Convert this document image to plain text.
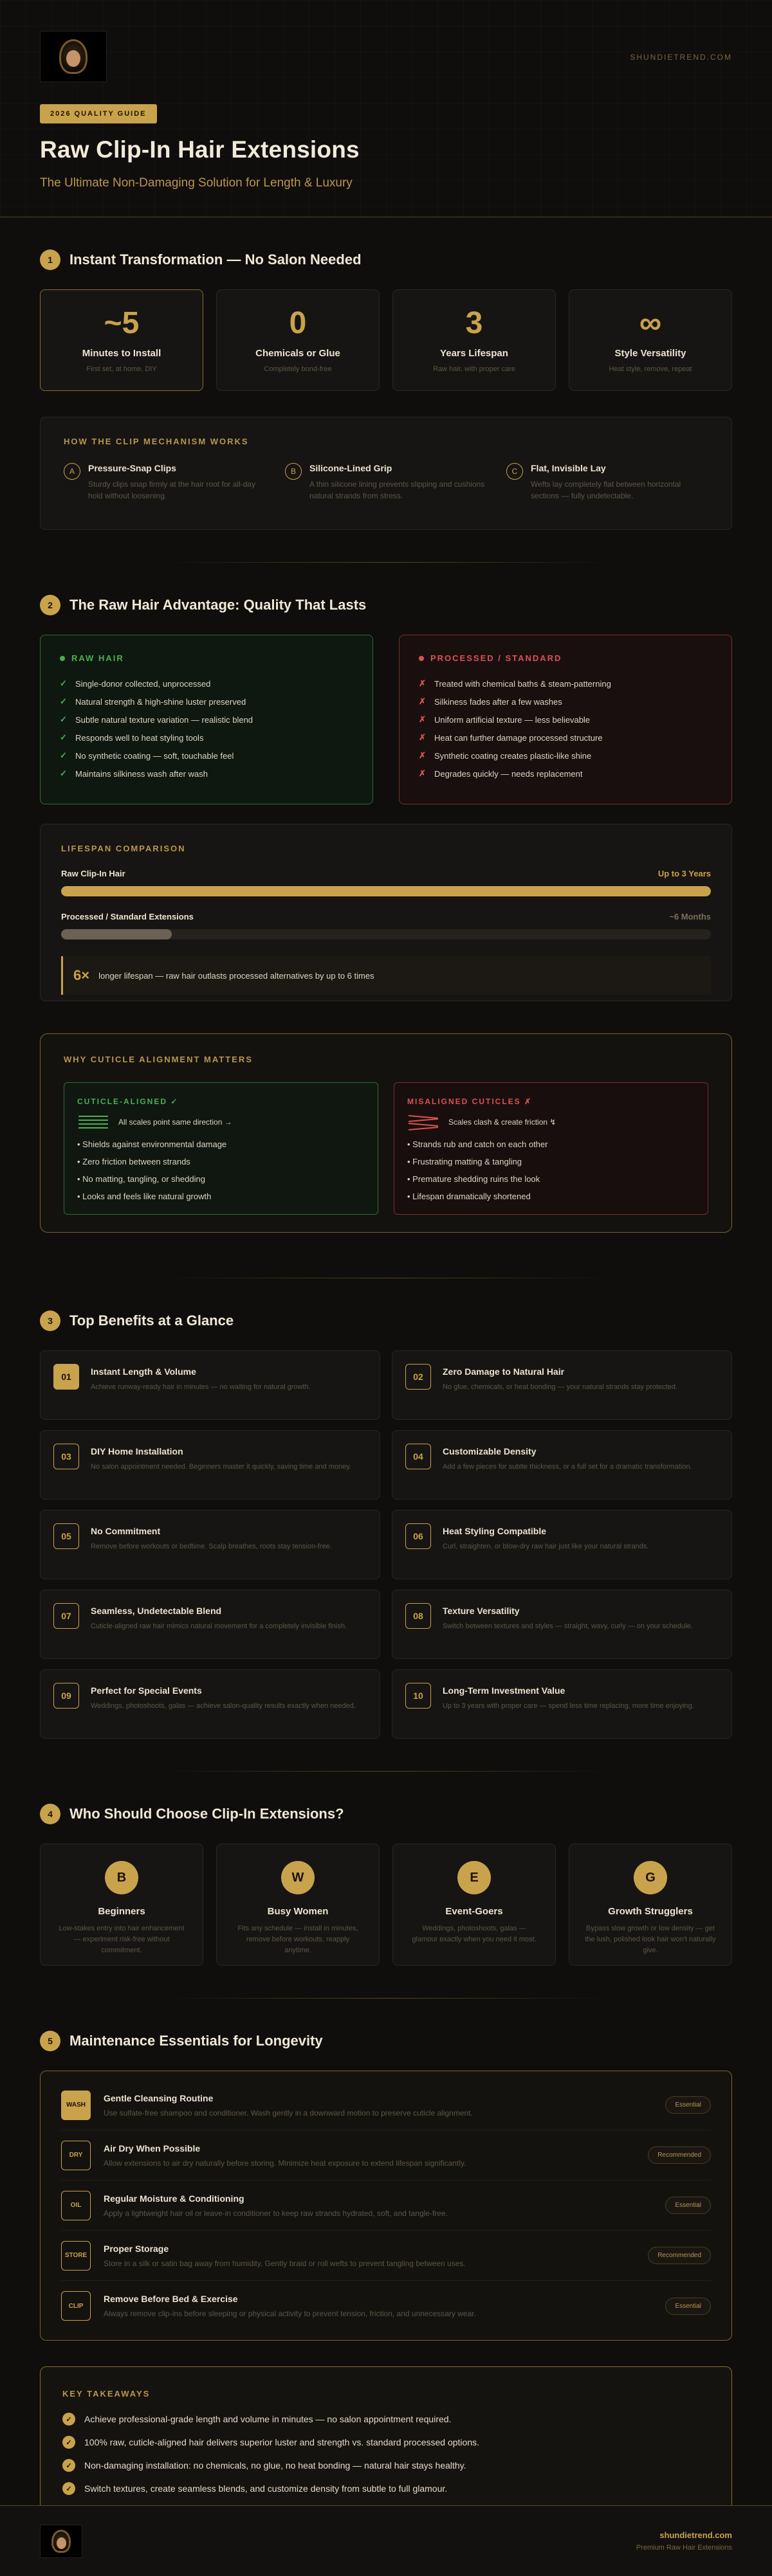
SHUNDIETREND.COM
2026 QUALITY GUIDE
Raw Clip-In Hair Extensions
The Ultimate Non-Damaging Solution for Length & Luxury
1	Instant Transformation — No Salon Needed
~5
Minutes to Install
First set, at home, DIY
0
Chemicals or Glue
Completely bond-free
3
Years Lifespan
Raw hair, with proper care
∞
Style Versatility
Heat style, remove, repeat
HOW THE CLIP MECHANISM WORKS
A	Pressure-Snap Clips

Sturdy clips snap firmly at the hair root for all-day hold without loosening.

B	Silicone-Lined Grip

A thin silicone lining prevents slipping and cushions natural strands from stress.

C	Flat, Invisible Lay

Wefts lay completely flat between horizontal sections — fully undetectable.

2	The Raw Hair Advantage: Quality That Lasts
RAW HAIR
✓ Single-donor collected, unprocessed
✓ Natural strength & high-shine luster preserved
✓ Subtle natural texture variation — realistic blend
✓ Responds well to heat styling tools
✓ No synthetic coating — soft, touchable feel
✓ Maintains silkiness wash after wash
PROCESSED / STANDARD
✗ Treated with chemical baths & steam-patterning
✗ Silkiness fades after a few washes
✗ Uniform artificial texture — less believable
✗ Heat can further damage processed structure
✗ Synthetic coating creates plastic-like shine
✗ Degrades quickly — needs replacement
LIFESPAN COMPARISON
Raw Clip-In Hair	Up to 3 Years
Processed / Standard Extensions	~6 Months
6× longer lifespan — raw hair outlasts processed alternatives by up to 6 times
WHY CUTICLE ALIGNMENT MATTERS
CUTICLE-ALIGNED ✓
All scales point same direction →
• Shields against environmental damage
• Zero friction between strands
• No matting, tangling, or shedding
• Looks and feels like natural growth
MISALIGNED CUTICLES ✗
Scales clash & create friction ↯
• Strands rub and catch on each other
• Frustrating matting & tangling
• Premature shedding ruins the look
• Lifespan dramatically shortened
3	Top Benefits at a Glance
01	Instant Length & Volume

Achieve runway-ready hair in minutes — no waiting for natural growth.

02	Zero Damage to Natural Hair

No glue, chemicals, or heat bonding — your natural strands stay protected.

03	DIY Home Installation

No salon appointment needed. Beginners master it quickly, saving time and money.

04	Customizable Density

Add a few pieces for subtle thickness, or a full set for a dramatic transformation.

05	No Commitment

Remove before workouts or bedtime. Scalp breathes, roots stay tension-free.

06	Heat Styling Compatible

Curl, straighten, or blow-dry raw hair just like your natural strands.

07	Seamless, Undetectable Blend

Cuticle-aligned raw hair mimics natural movement for a completely invisible finish.

08	Texture Versatility

Switch between textures and styles — straight, wavy, curly — on your schedule.

09	Perfect for Special Events

Weddings, photoshoots, galas — achieve salon-quality results exactly when needed.

10	Long-Term Investment Value

Up to 3 years with proper care — spend less time replacing, more time enjoying.

4	Who Should Choose Clip-In Extensions?
B
Beginners

Low-stakes entry into hair enhancement — experiment risk-free without commitment.

W
Busy Women

Fits any schedule — install in minutes, remove before workouts, reapply anytime.

E
Event-Goers

Weddings, photoshoots, galas — glamour exactly when you need it most.

G
Growth Strugglers

Bypass slow growth or low density — get the lush, polished look hair won't naturally give.

5	Maintenance Essentials for Longevity
WASH
Gentle Cleansing Routine

Use sulfate-free shampoo and conditioner. Wash gently in a downward motion to preserve cuticle alignment.

Essential
DRY
Air Dry When Possible

Allow extensions to air dry naturally before storing. Minimize heat exposure to extend lifespan significantly.

Recommended
OIL
Regular Moisture & Conditioning

Apply a lightweight hair oil or leave-in conditioner to keep raw strands hydrated, soft, and tangle-free.

Essential
STORE
Proper Storage

Store in a silk or satin bag away from humidity. Gently braid or roll wefts to prevent tangling between uses.

Recommended
CLIP
Remove Before Bed & Exercise

Always remove clip-ins before sleeping or physical activity to prevent tension, friction, and unnecessary wear.

Essential
KEY TAKEAWAYS
✓	Achieve professional-grade length and volume in minutes — no salon appointment required.
✓	100% raw, cuticle-aligned hair delivers superior luster and strength vs. standard processed options.
✓	Non-damaging installation: no chemicals, no glue, no heat bonding — natural hair stays healthy.
✓	Switch textures, create seamless blends, and customize density from subtle to full glamour.
shundietrend.com
Premium Raw Hair Extensions
